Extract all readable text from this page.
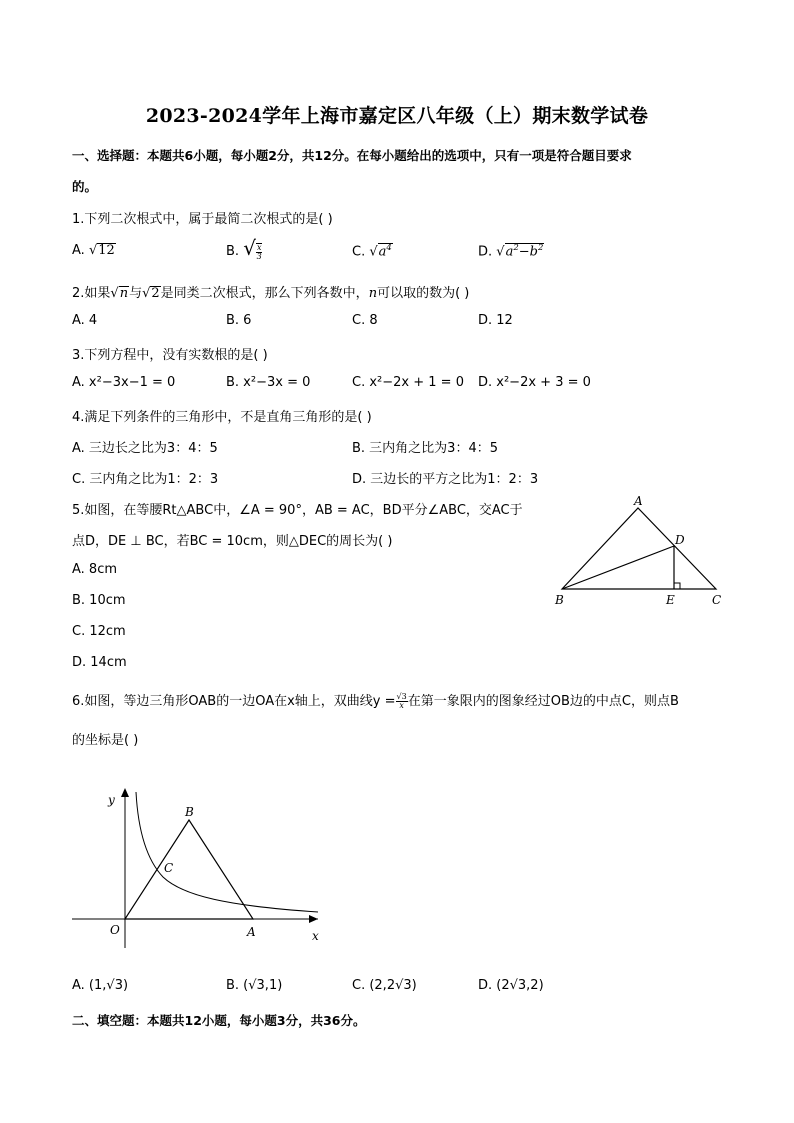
2023-2024学年上海市嘉定区八年级（上）期末数学试卷
一、选择题：本题共6小题，每小题2分，共12分。在每小题给出的选项中，只有一项是符合题目要求
的。
1.下列二次根式中，属于最简二次根式的是( )
A. √12	B. √ $\frac{x}{3}$	C. $√a^4$	D. $√a^2-b^2$
2.如果√n与√2是同类二次根式，那么下列各数中，n可以取的数为( )
A. 4	B. 6	C. 8	D. 12
3.下列方程中，没有实数根的是( )
A. x²−3x−1 = 0	B. x²−3x = 0	C. x²−2x + 1 = 0 D. x²−2x + 3 = 0
4.满足下列条件的三角形中，不是直角三角形的是( )
A. 三边长之比为3：4：5	B. 三内角之比为3：4：5
C. 三内角之比为1：2：3	D. 三边长的平方之比为1：2：3
5.如图，在等腰Rt△ABC中，∠A = 90°，AB = AC，BD平分∠ABC，交AC于
点D，DE ⊥ BC，若BC = 10cm，则△DEC的周长为( )
A. 8cm
B. 10cm
C. 12cm
D. 14cm
A
B	C
D
E
6.如图，等边三角形OAB的一边OA在x轴上，双曲线$y = \frac{√3}{x}$ 在第一象限内的图象经过OB边的中点C，则点B
的坐标是( )
y
x
O	A
B
C
A. (1,√3)	B. (√3,1)	C. (2,2√3)	D. (2√3,2)
二、填空题：本题共12小题，每小题3分，共36分。
